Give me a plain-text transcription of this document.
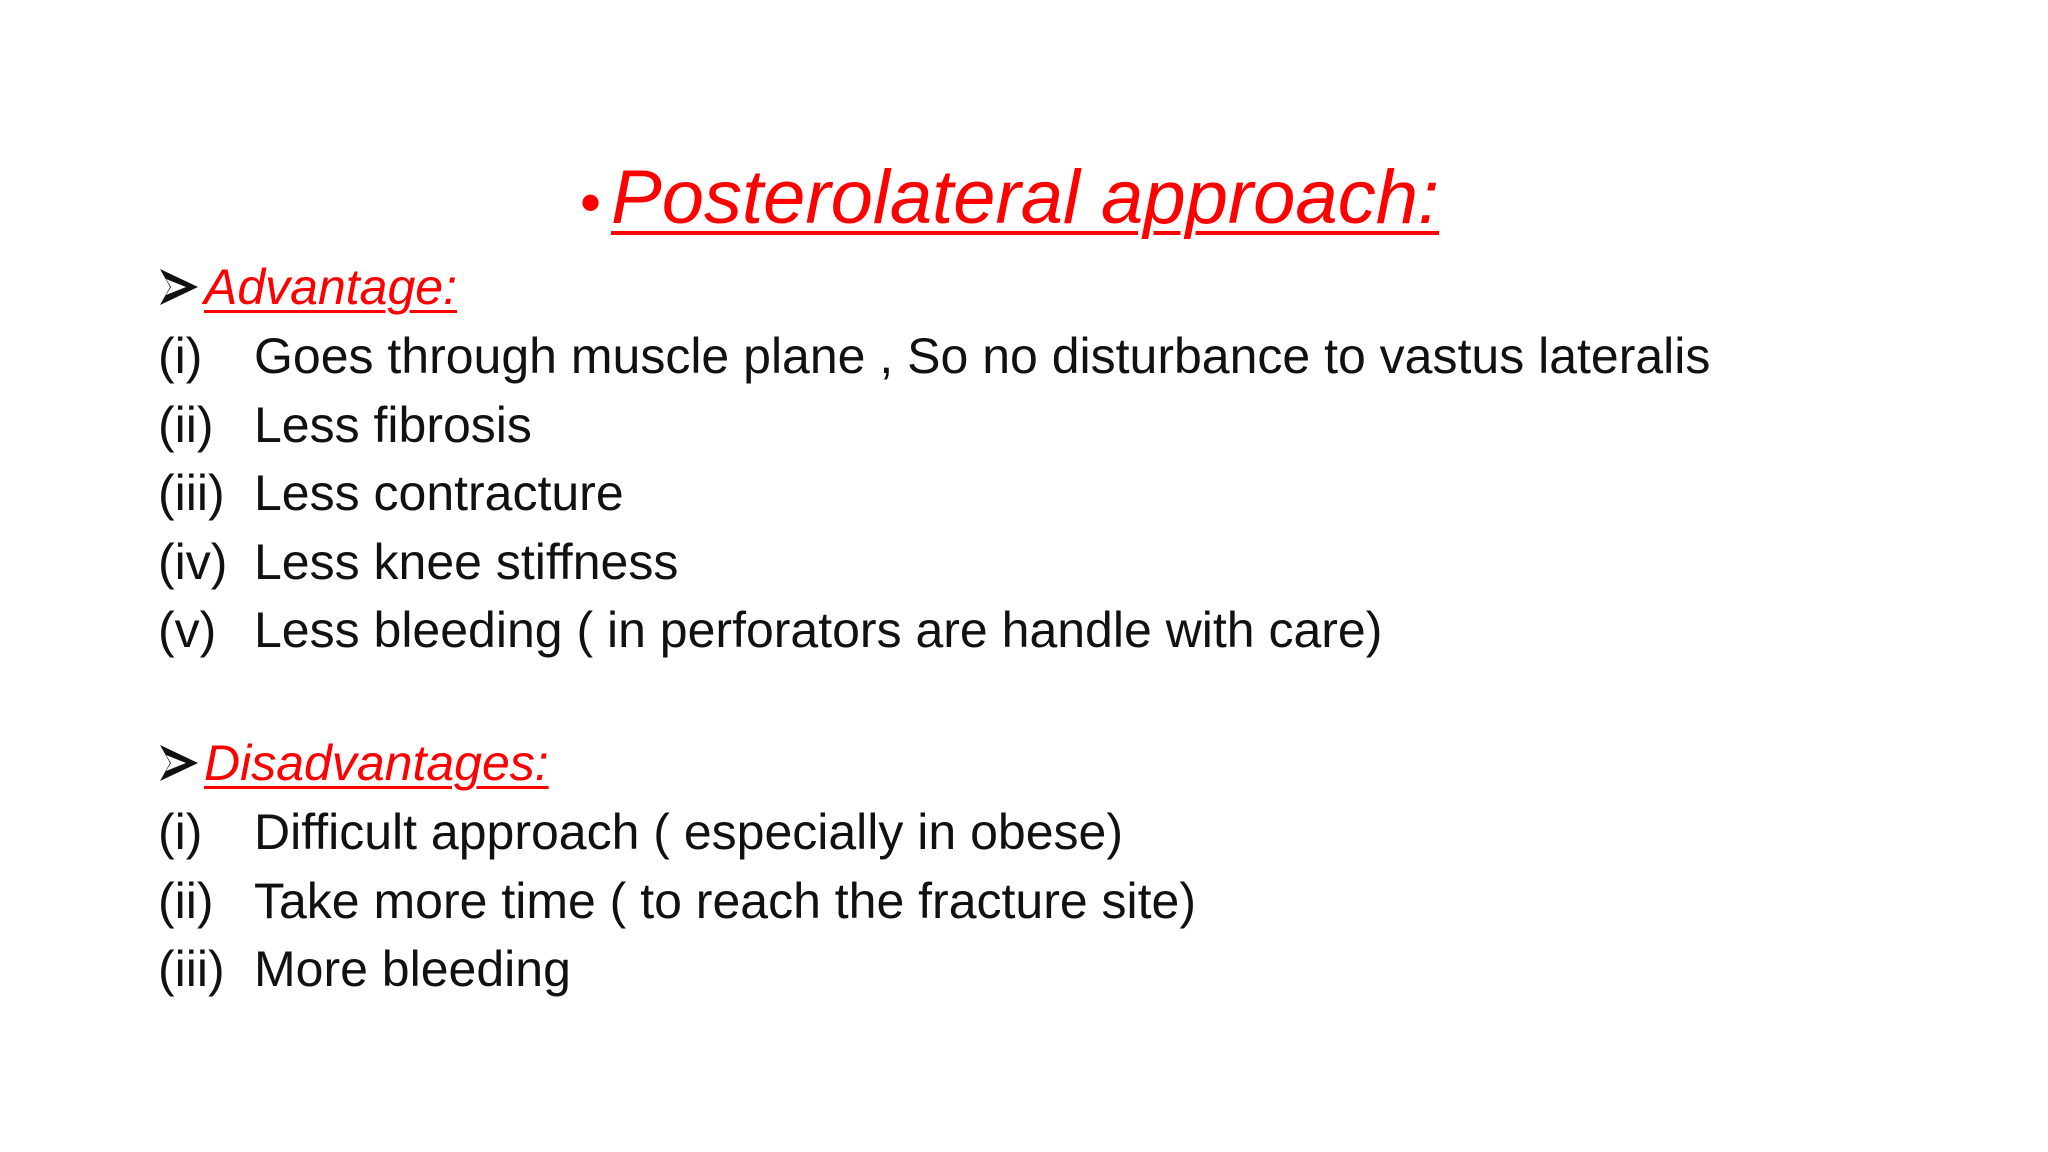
• Posterolateral approach:
Advantage:
(i)	Goes through muscle plane , So no disturbance to vastus lateralis
(ii) Less fibrosis
(iii) Less contracture
(iv) Less knee stiffness
(v) Less bleeding ( in perforators are handle with care)
Disadvantages:
(i)	Difficult approach ( especially in obese)
(ii) Take more time ( to reach the fracture site)
(iii) More bleeding
